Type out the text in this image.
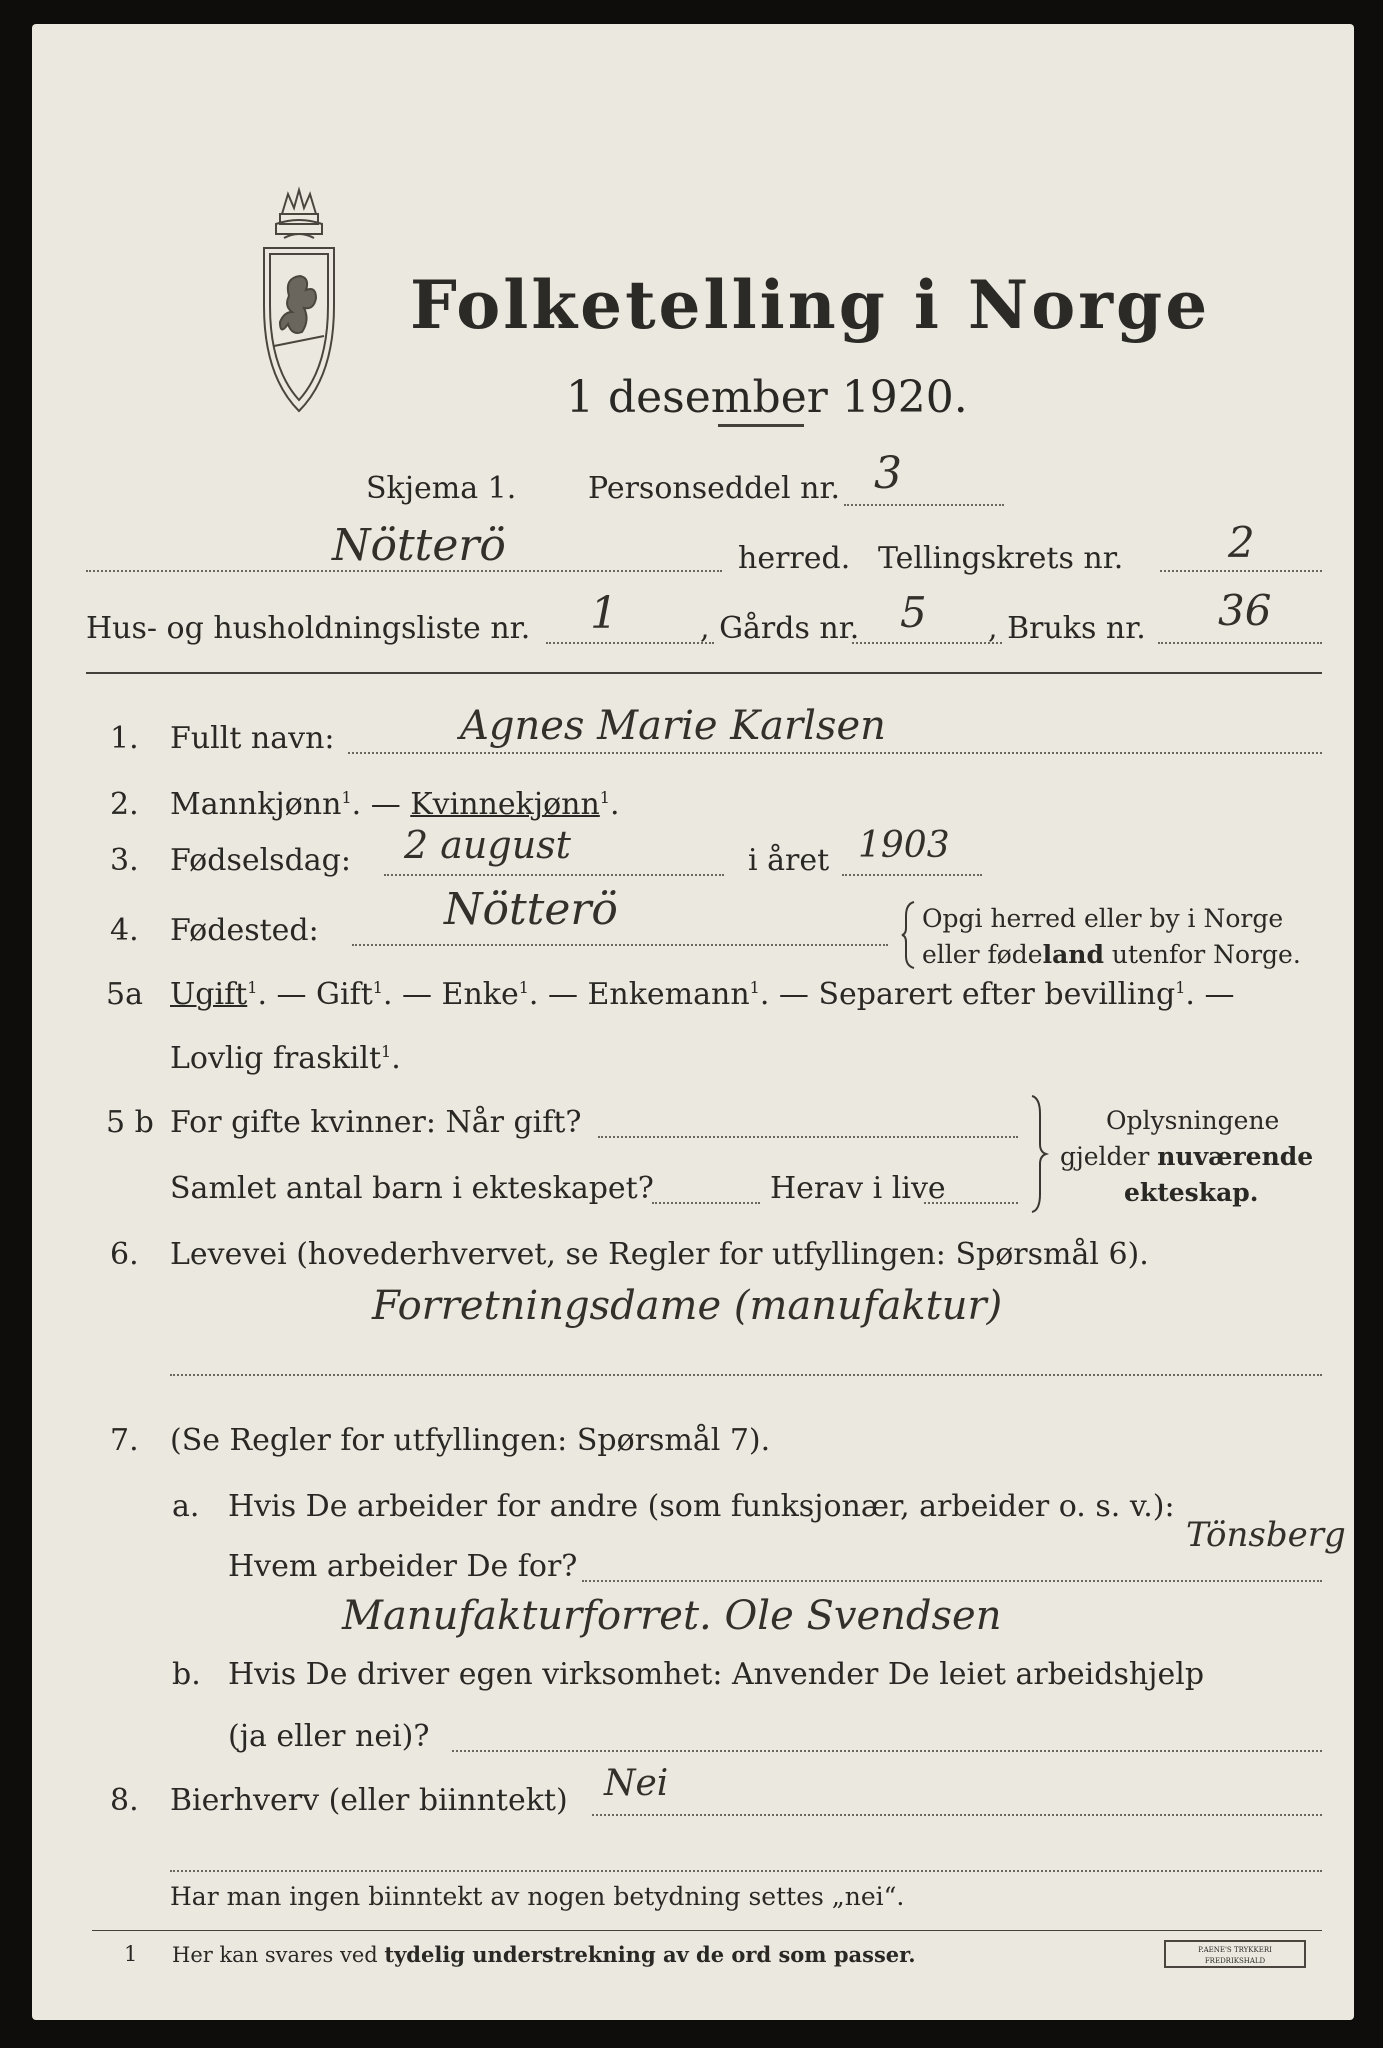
Folketelling i Norge
1 desember 1920.
Skjema 1. Personseddel nr. 3
Nötterö	herred. Tellingskrets nr. 2
Hus- og husholdningsliste nr. 1	, Gårds nr. 5 , Bruks nr. 36
1. Fullt navn:	Agnes Marie Karlsen
2. Mannkjønn$^1$. — Kvinnekjønn$^1$.
3. Fødselsdag: 2 august	i året 1903
4. Fødested:	Nötterö	Opgi herred eller by i Norge
eller fødeland utenfor Norge.
5a Ugift$^1$. — Gift$^1$. — Enke$^1$. — Enkemann$^1$. — Separert efter bevilling$^1$. —
Lovlig fraskilt$^1$.
5 b For gifte kvinner: Når gift?
Samlet antal barn i ekteskapet?	Herav i live
Oplysningene
gjelder nuværende
ekteskap.
6. Levevei (hovederhvervet, se Regler for utfyllingen: Spørsmål 6).
Forretningsdame (manufaktur)
7. (Se Regler for utfyllingen: Spørsmål 7).
a. Hvis De arbeider for andre (som funksjonær, arbeider o. s. v.):
Hvem arbeider De for?
Tönsberg
Manufakturforret. Ole Svendsen
b. Hvis De driver egen virksomhet: Anvender De leiet arbeidshjelp
(ja eller nei)?
8. Bierhverv (eller biinntekt) Nei
Har man ingen biinntekt av nogen betydning settes „nei“.
1 Her kan svares ved tydelig understrekning av de ord som passer.	P.AENE'S TRYKKERI
FREDRIKSHALD
